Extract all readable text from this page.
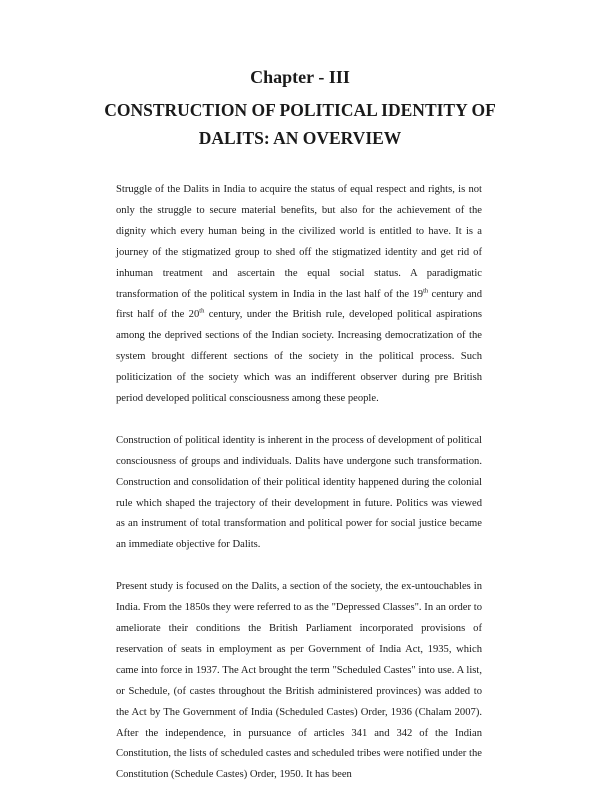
Chapter - III
CONSTRUCTION OF POLITICAL IDENTITY OF
DALITS: AN OVERVIEW

Struggle of the Dalits in India to acquire the status of equal respect and rights, is not only the struggle to secure material benefits, but also for the achievement of the dignity which every human being in the civilized world is entitled to have. It is a journey of the stigmatized group to shed off the stigmatized identity and get rid of inhuman treatment and ascertain the equal social status. A paradigmatic transformation of the political system in India in the last half of the 19th century and first half of the 20th century, under the British rule, developed political aspirations among the deprived sections of the Indian society. Increasing democratization of the system brought different sections of the society in the political process. Such politicization of the society which was an indifferent observer during pre British period developed political consciousness among these people.

Construction of political identity is inherent in the process of development of political consciousness of groups and individuals. Dalits have undergone such transformation. Construction and consolidation of their political identity happened during the colonial rule which shaped the trajectory of their development in future. Politics was viewed as an instrument of total transformation and political power for social justice became an immediate objective for Dalits.

Present study is focused on the Dalits, a section of the society, the ex-untouchables in India. From the 1850s they were referred to as the "Depressed Classes". In an order to ameliorate their conditions the British Parliament incorporated provisions of reservation of seats in employment as per Government of India Act, 1935, which came into force in 1937. The Act brought the term "Scheduled Castes" into use. A list, or Schedule, (of castes throughout the British administered provinces) was added to the Act by The Government of India (Scheduled Castes) Order, 1936 (Chalam 2007). After the independence, in pursuance of articles 341 and 342 of the Indian Constitution, the lists of scheduled castes and scheduled tribes were notified under the Constitution (Schedule Castes) Order, 1950. It has been
